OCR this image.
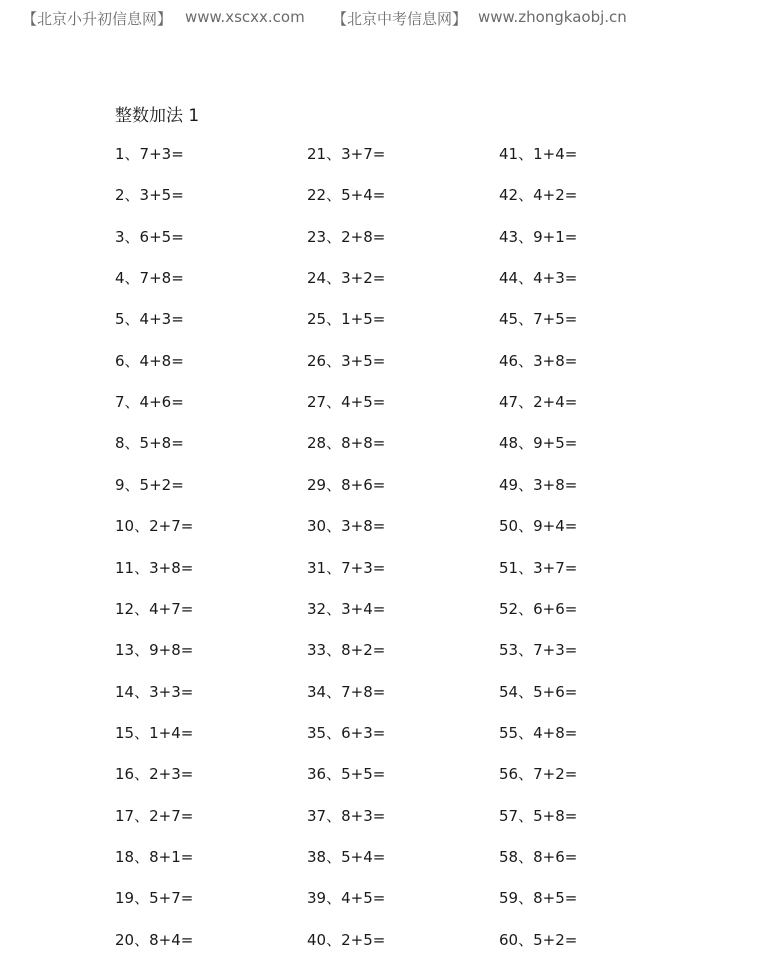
【北京小升初信息网】 www.xscxx.com 【北京中考信息网】 www.zhongkaobj.cn
整数加法 1
1、7+3=
2、3+5=
3、6+5=
4、7+8=
5、4+3=
6、4+8=
7、4+6=
8、5+8=
9、5+2=
10、2+7=
11、3+8=
12、4+7=
13、9+8=
14、3+3=
15、1+4=
16、2+3=
17、2+7=
18、8+1=
19、5+7=
20、8+4=
21、3+7=
22、5+4=
23、2+8=
24、3+2=
25、1+5=
26、3+5=
27、4+5=
28、8+8=
29、8+6=
30、3+8=
31、7+3=
32、3+4=
33、8+2=
34、7+8=
35、6+3=
36、5+5=
37、8+3=
38、5+4=
39、4+5=
40、2+5=
41、1+4=
42、4+2=
43、9+1=
44、4+3=
45、7+5=
46、3+8=
47、2+4=
48、9+5=
49、3+8=
50、9+4=
51、3+7=
52、6+6=
53、7+3=
54、5+6=
55、4+8=
56、7+2=
57、5+8=
58、8+6=
59、8+5=
60、5+2=
